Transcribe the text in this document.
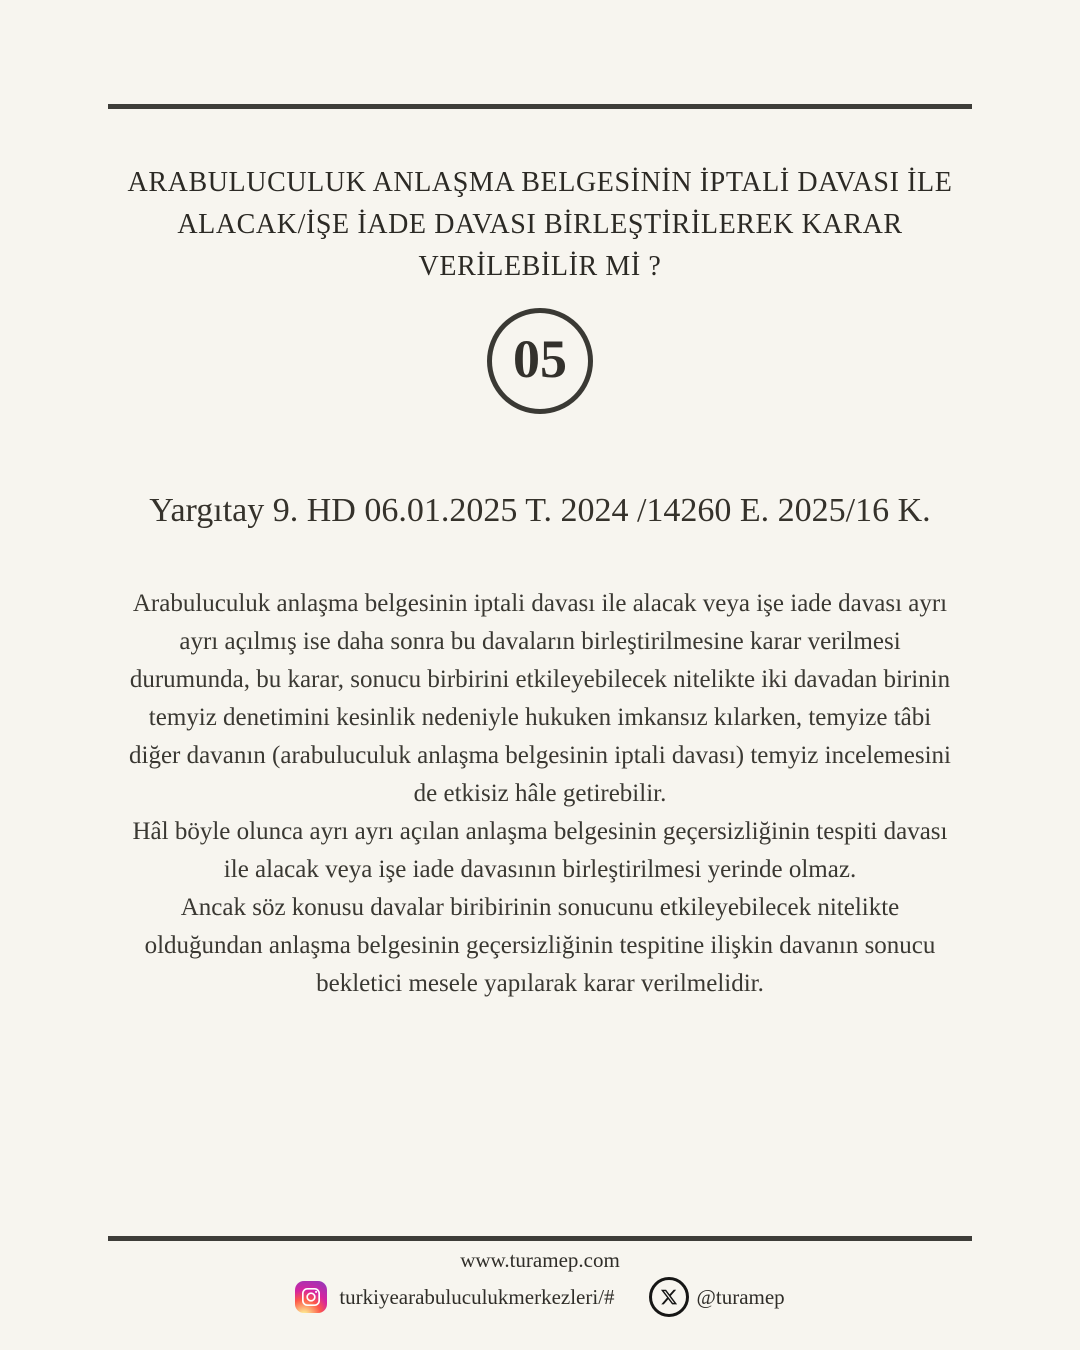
ARABULUCULUK ANLAŞMA BELGESİNİN İPTALİ DAVASI İLE
ALACAK/İŞE İADE DAVASI BİRLEŞTİRİLEREK KARAR
VERİLEBİLİR Mİ ?
05
Yargıtay 9. HD 06.01.2025 T. 2024 /14260 E. 2025/16 K.

Arabuluculuk anlaşma belgesinin iptali davası ile alacak veya işe iade davası ayrı ayrı açılmış ise daha sonra bu davaların birleştirilmesine karar verilmesi durumunda, bu karar, sonucu birbirini etkileyebilecek nitelikte iki davadan birinin temyiz denetimini kesinlik nedeniyle hukuken imkansız kılarken, temyize tâbi diğer davanın (arabuluculuk anlaşma belgesinin iptali davası) temyiz incelemesini de etkisiz hâle getirebilir.

Hâl böyle olunca ayrı ayrı açılan anlaşma belgesinin geçersizliğinin tespiti davası ile alacak veya işe iade davasının birleştirilmesi yerinde olmaz.

Ancak söz konusu davalar biribirinin sonucunu etkileyebilecek nitelikte olduğundan anlaşma belgesinin geçersizliğinin tespitine ilişkin davanın sonucu bekletici mesele yapılarak karar verilmelidir.

www.turamep.com
turkiyearabuluculukmerkezleri/#	@turamep
